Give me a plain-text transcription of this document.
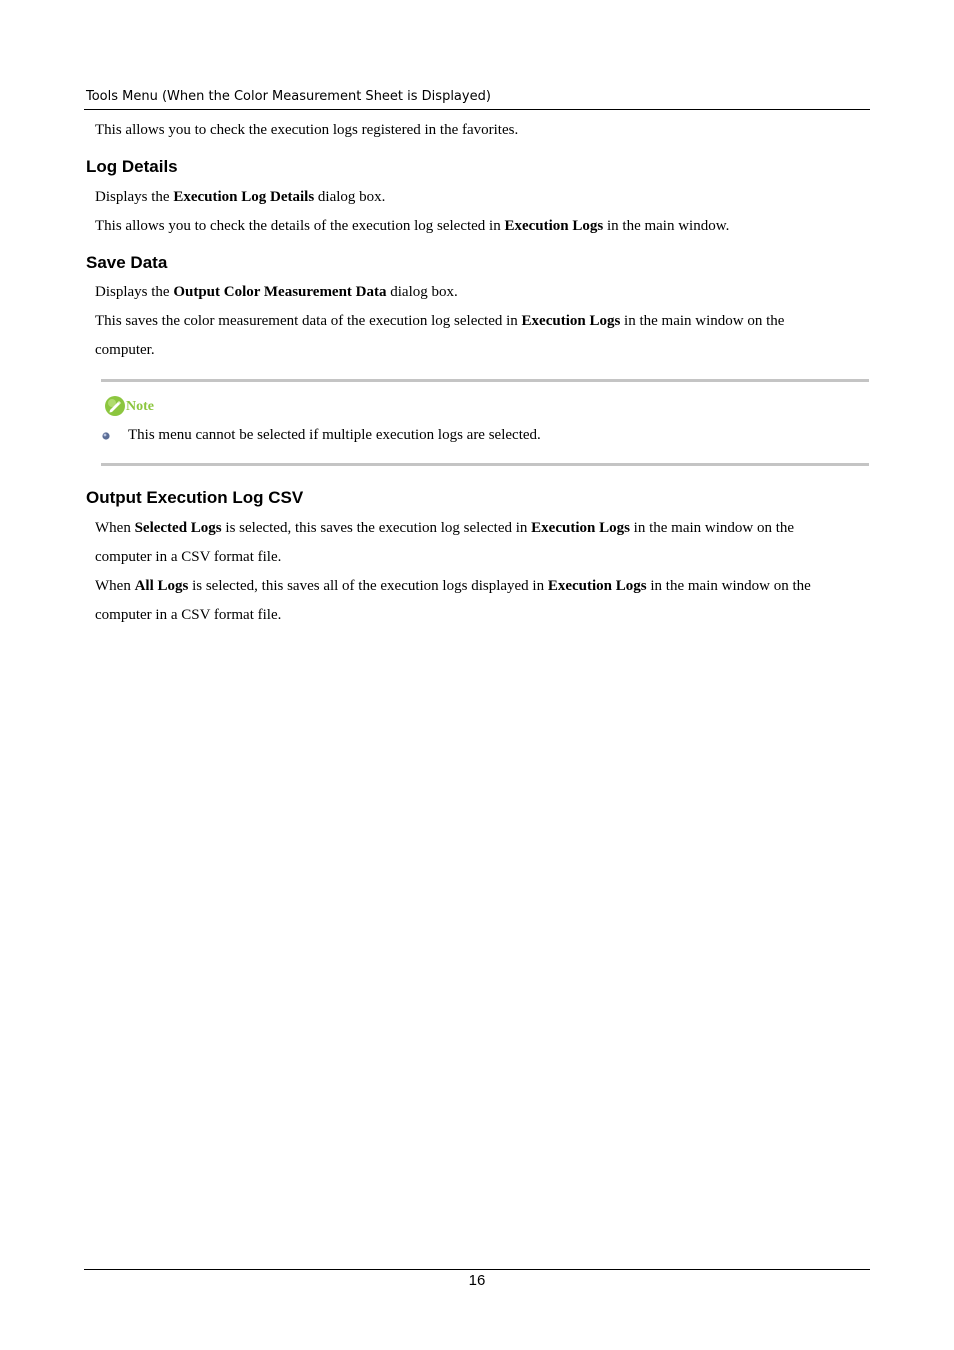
Tools Menu (When the Color Measurement Sheet is Displayed)
This allows you to check the execution logs registered in the favorites.
Log Details
Displays the Execution Log Details dialog box.
This allows you to check the details of the execution log selected in Execution Logs in the main window.
Save Data
Displays the Output Color Measurement Data dialog box.
This saves the color measurement data of the execution log selected in Execution Logs in the main window on the
computer.
Note
This menu cannot be selected if multiple execution logs are selected.
Output Execution Log CSV
When Selected Logs is selected, this saves the execution log selected in Execution Logs in the main window on the
computer in a CSV format file.
When All Logs is selected, this saves all of the execution logs displayed in Execution Logs in the main window on the
computer in a CSV format file.
16
